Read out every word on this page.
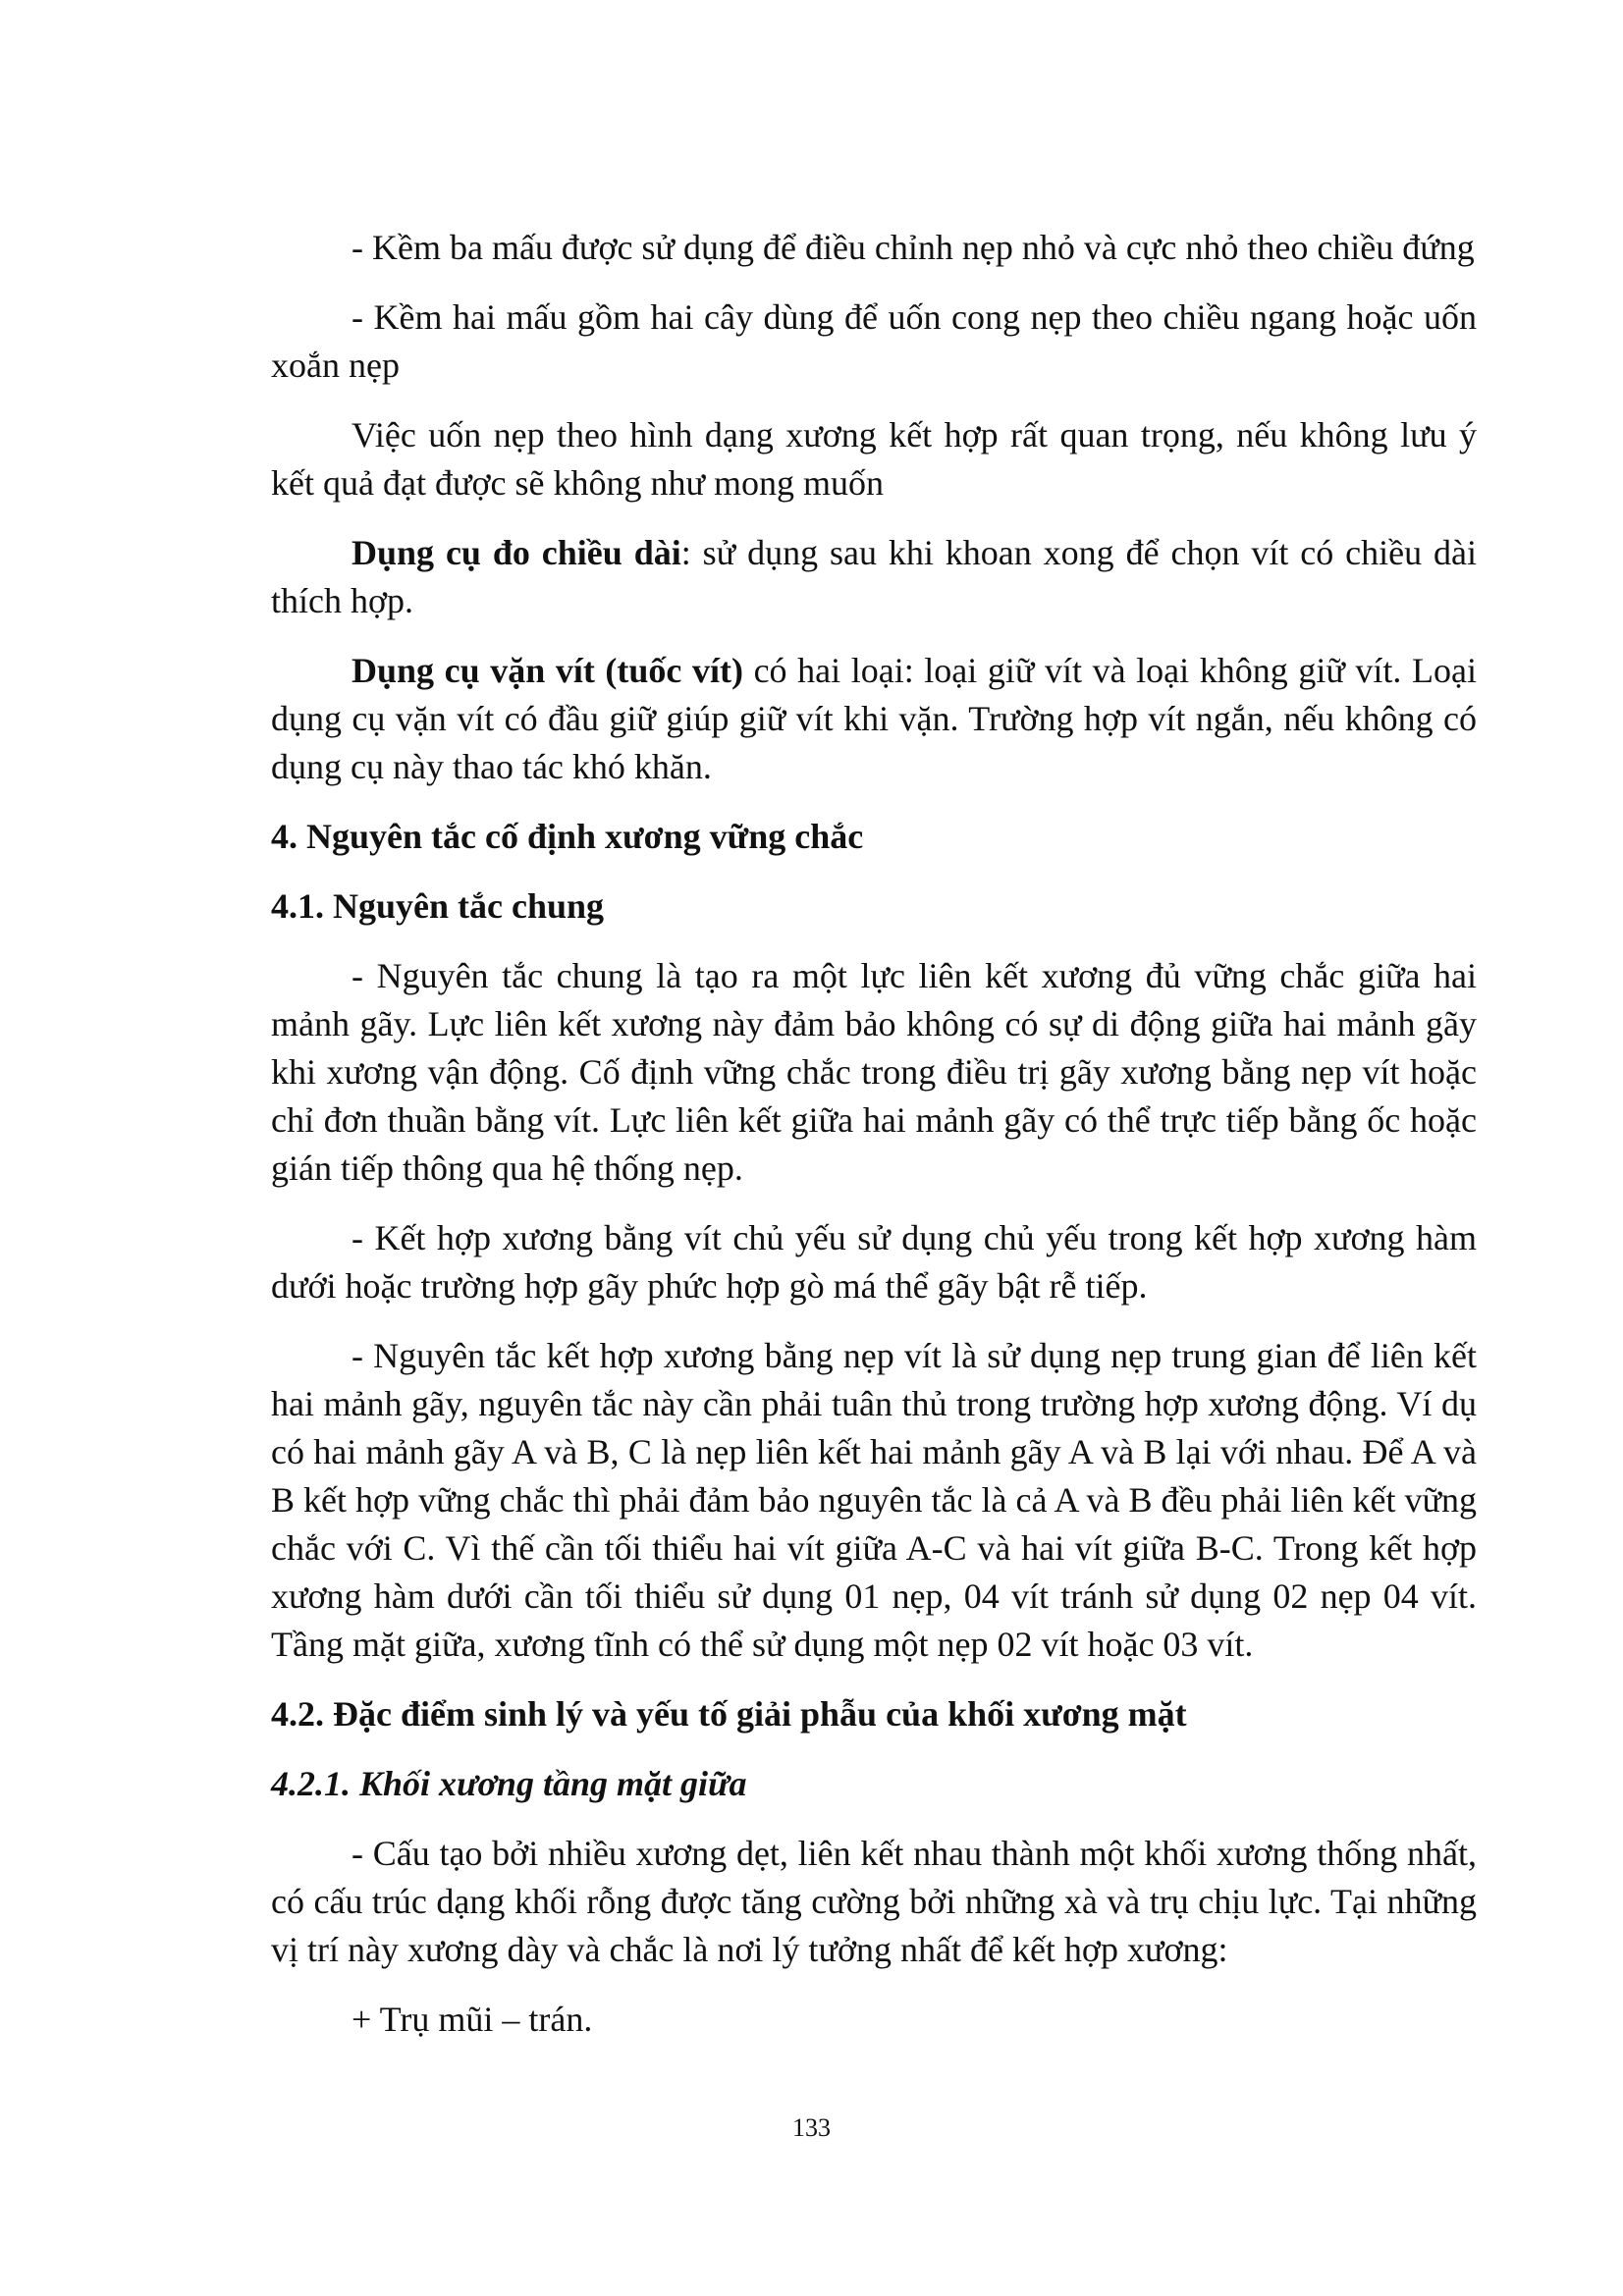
- Kềm ba mấu được sử dụng để điều chỉnh nẹp nhỏ và cực nhỏ theo chiều đứng

- Kềm hai mấu gồm hai cây dùng để uốn cong nẹp theo chiều ngang hoặc uốn xoắn nẹp

Việc uốn nẹp theo hình dạng xương kết hợp rất quan trọng, nếu không lưu ý kết quả đạt được sẽ không như mong muốn

Dụng cụ đo chiều dài: sử dụng sau khi khoan xong để chọn vít có chiều dài thích hợp.

Dụng cụ vặn vít (tuốc vít) có hai loại: loại giữ vít và loại không giữ vít. Loại dụng cụ vặn vít có đầu giữ giúp giữ vít khi vặn. Trường hợp vít ngắn, nếu không có dụng cụ này thao tác khó khăn.

4. Nguyên tắc cố định xương vững chắc
4.1. Nguyên tắc chung

- Nguyên tắc chung là tạo ra một lực liên kết xương đủ vững chắc giữa hai mảnh gãy. Lực liên kết xương này đảm bảo không có sự di động giữa hai mảnh gãy khi xương vận động. Cố định vững chắc trong điều trị gãy xương bằng nẹp vít hoặc chỉ đơn thuần bằng vít. Lực liên kết giữa hai mảnh gãy có thể trực tiếp bằng ốc hoặc gián tiếp thông qua hệ thống nẹp.

- Kết hợp xương bằng vít chủ yếu sử dụng chủ yếu trong kết hợp xương hàm dưới hoặc trường hợp gãy phức hợp gò má thể gãy bật rễ tiếp.

- Nguyên tắc kết hợp xương bằng nẹp vít là sử dụng nẹp trung gian để liên kết hai mảnh gãy, nguyên tắc này cần phải tuân thủ trong trường hợp xương động. Ví dụ có hai mảnh gãy A và B, C là nẹp liên kết hai mảnh gãy A và B lại với nhau. Để A và B kết hợp vững chắc thì phải đảm bảo nguyên tắc là cả A và B đều phải liên kết vững chắc với C. Vì thế cần tối thiểu hai vít giữa A-C và hai vít giữa B-C. Trong kết hợp xương hàm dưới cần tối thiểu sử dụng 01 nẹp, 04 vít tránh sử dụng 02 nẹp 04 vít. Tầng mặt giữa, xương tĩnh có thể sử dụng một nẹp 02 vít hoặc 03 vít.

4.2. Đặc điểm sinh lý và yếu tố giải phẫu của khối xương mặt
4.2.1. Khối xương tầng mặt giữa

- Cấu tạo bởi nhiều xương dẹt, liên kết nhau thành một khối xương thống nhất, có cấu trúc dạng khối rỗng được tăng cường bởi những xà và trụ chịu lực. Tại những vị trí này xương dày và chắc là nơi lý tưởng nhất để kết hợp xương:

+ Trụ mũi – trán.

133
